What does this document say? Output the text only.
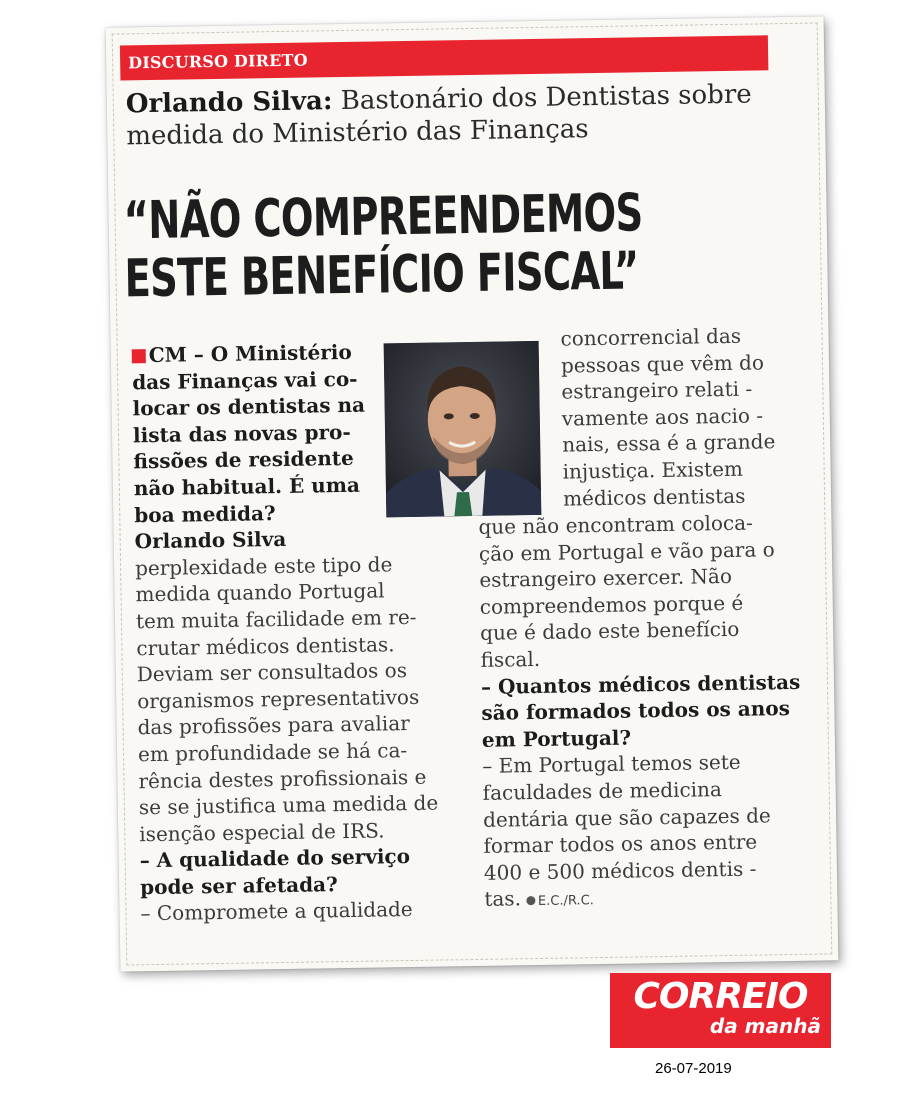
DISCURSO DIRETO
Orlando Silva: Bastonário dos Dentistas sobre
medida do Ministério das Finanças
“NÃO COMPREENDEMOS
ESTE BENEFÍCIO FISCAL”
CM – O Ministério
das Finanças vai co-
locar os dentistas na
lista das novas pro-
fissões de residente
não habitual. É uma
boa medida?
Orlando Silva
perplexidade este tipo de
medida quando Portugal
tem muita facilidade em re-
crutar médicos dentistas.
Deviam ser consultados os
organismos representativos
das profissões para avaliar
em profundidade se há ca-
rência destes profissionais e
se se justifica uma medida de
isenção especial de IRS.
– A qualidade do serviço
pode ser afetada?
– Compromete a qualidade
concorrencial das
pessoas que vêm do
estrangeiro relati -
vamente aos nacio -
nais, essa é a grande
injustiça. Existem
médicos dentistas
que não encontram coloca-
ção em Portugal e vão para o
estrangeiro exercer. Não
compreendemos porque é
que é dado este benefício
fiscal.
– Quantos médicos dentistas
são formados todos os anos
em Portugal?
– Em Portugal temos sete
faculdades de medicina
dentária que são capazes de
formar todos os anos entre
400 e 500 médicos dentis -
tas. E.C./R.C.
CORREIO
da manhã
26-07-2019
